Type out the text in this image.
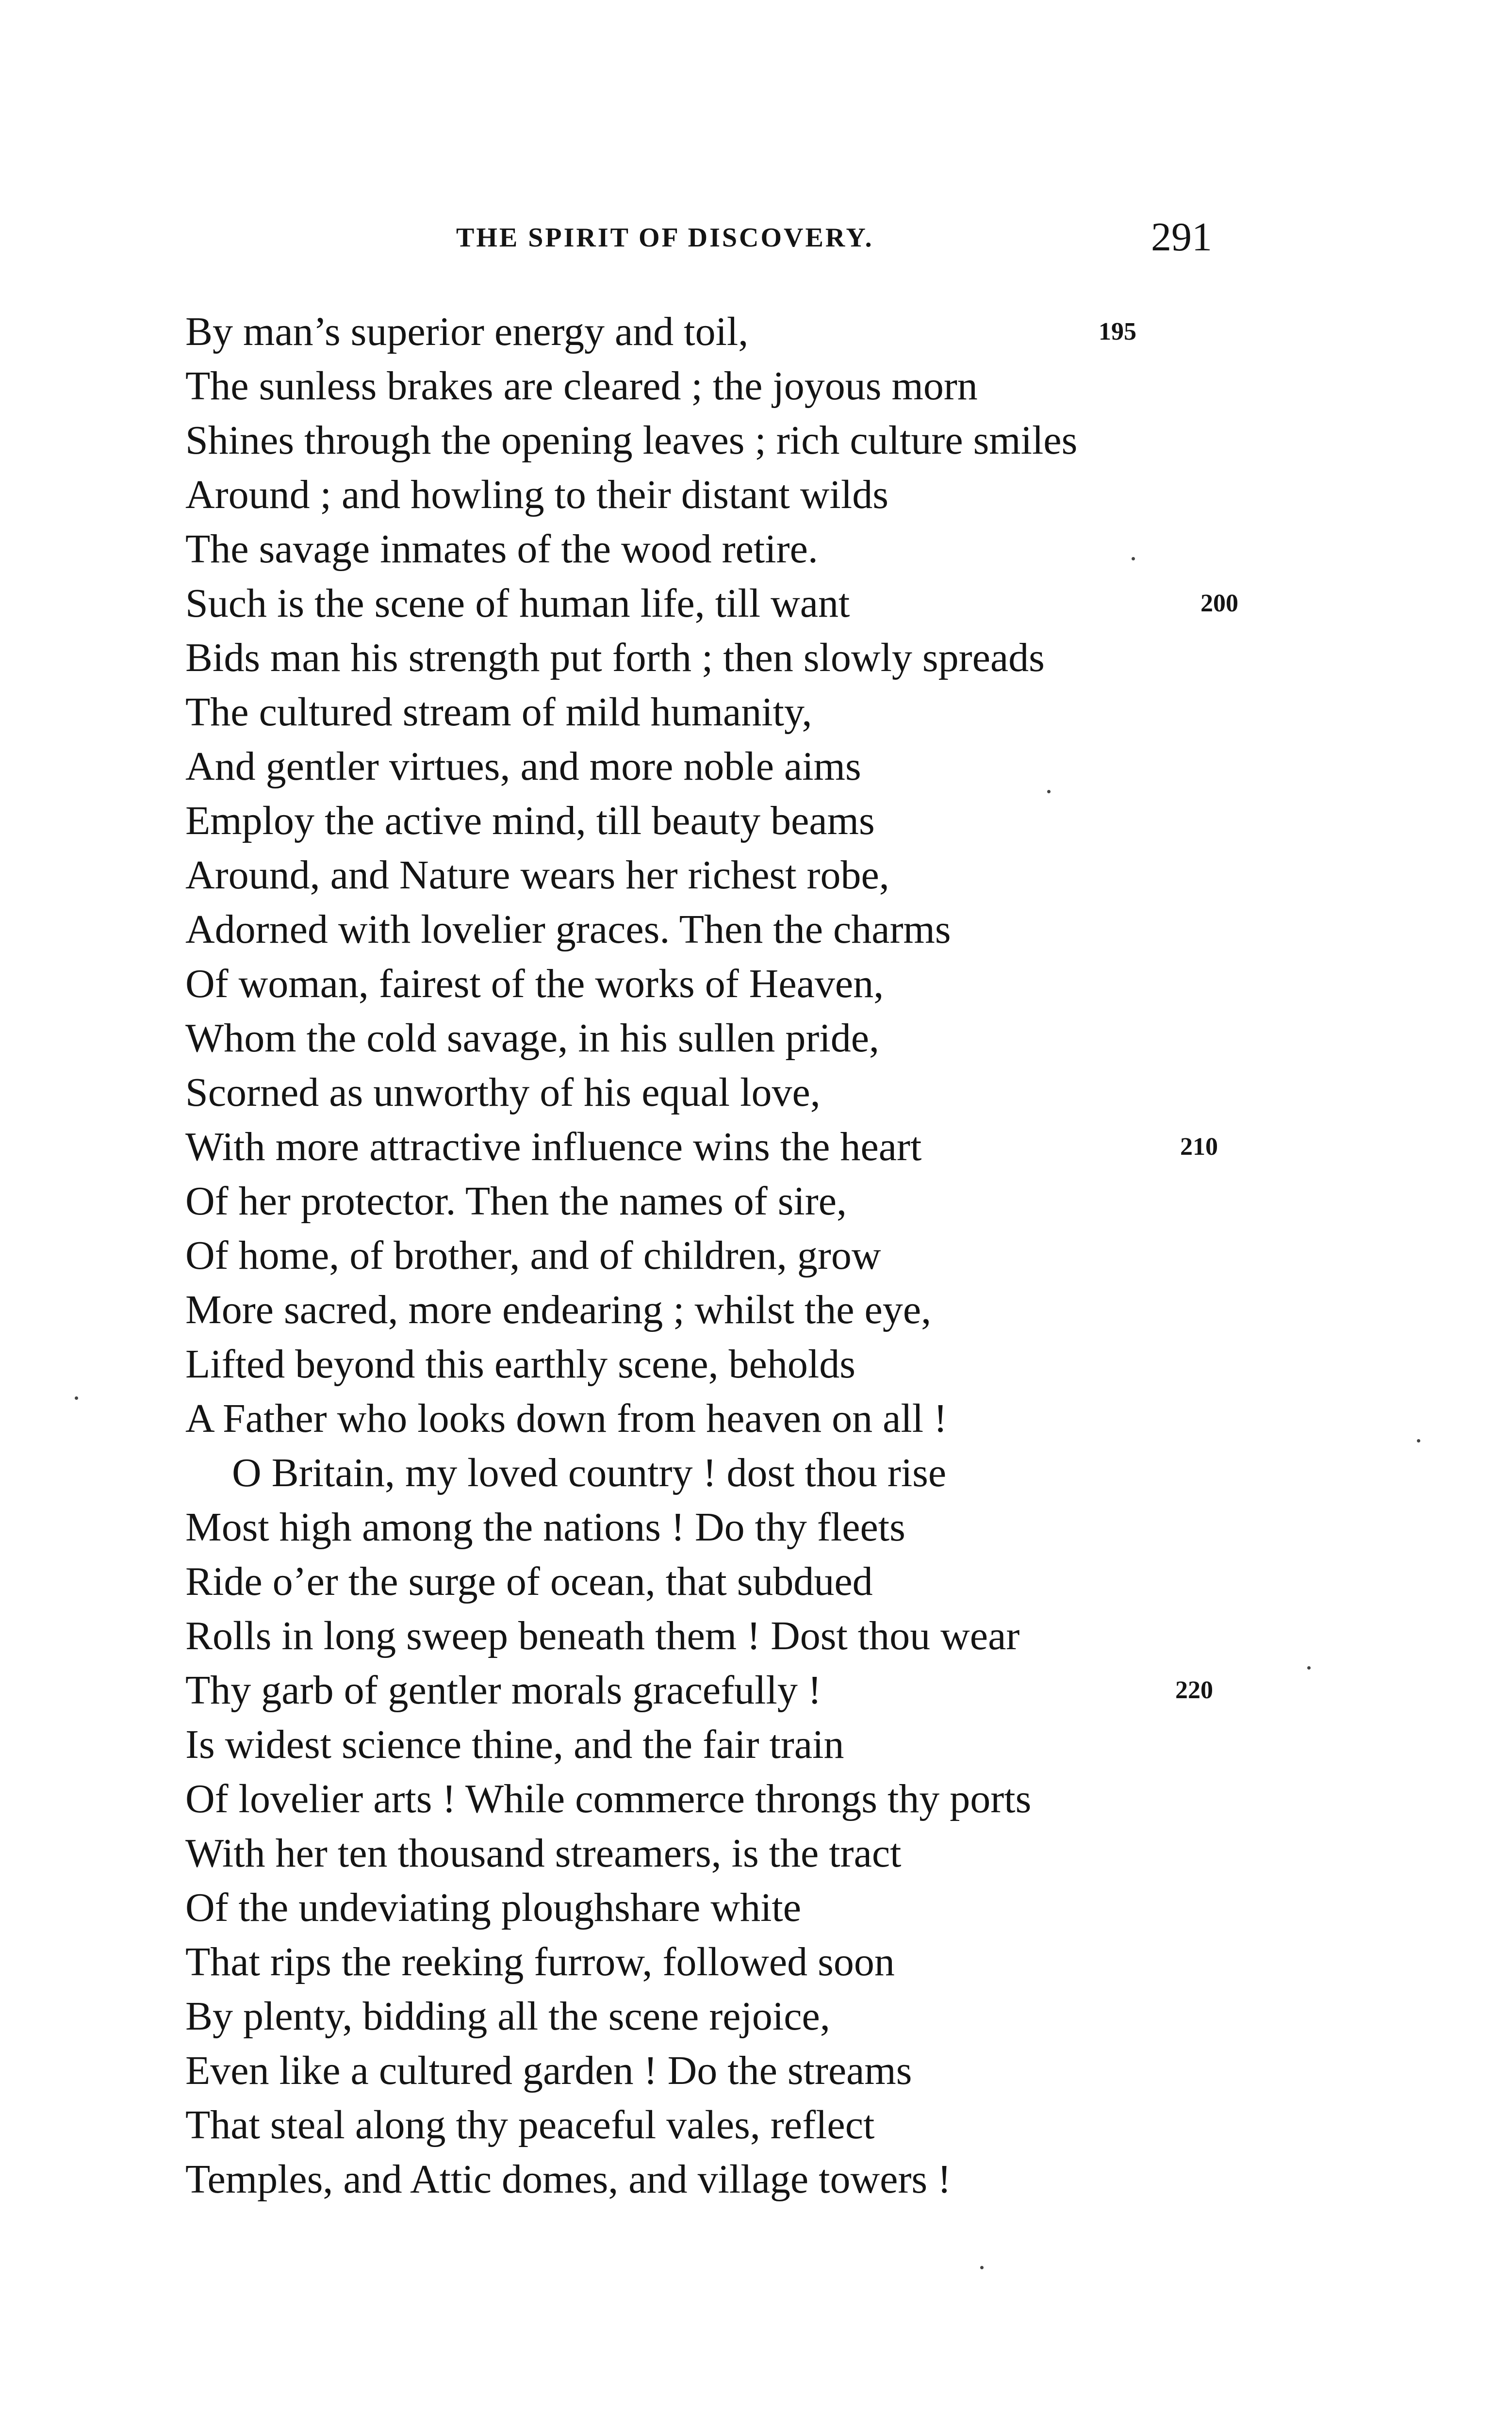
THE SPIRIT OF DISCOVERY.	291
By man’s superior energy and toil,	195
The sunless brakes are cleared ; the joyous morn
Shines through the opening leaves ; rich culture smiles
Around ; and howling to their distant wilds
The savage inmates of the wood retire.
Such is the scene of human life, till want	200
Bids man his strength put forth ; then slowly spreads
The cultured stream of mild humanity,
And gentler virtues, and more noble aims
Employ the active mind, till beauty beams
Around, and Nature wears her richest robe,
Adorned with lovelier graces. Then the charms
Of woman, fairest of the works of Heaven,
Whom the cold savage, in his sullen pride,
Scorned as unworthy of his equal love,
With more attractive influence wins the heart	210
Of her protector. Then the names of sire,
Of home, of brother, and of children, grow
More sacred, more endearing ; whilst the eye,
Lifted beyond this earthly scene, beholds
A Father who looks down from heaven on all !
O Britain, my loved country ! dost thou rise
Most high among the nations ! Do thy fleets
Ride o’er the surge of ocean, that subdued
Rolls in long sweep beneath them ! Dost thou wear
Thy garb of gentler morals gracefully !	220
Is widest science thine, and the fair train
Of lovelier arts ! While commerce throngs thy ports
With her ten thousand streamers, is the tract
Of the undeviating ploughshare white
That rips the reeking furrow, followed soon
By plenty, bidding all the scene rejoice,
Even like a cultured garden ! Do the streams
That steal along thy peaceful vales, reflect
Temples, and Attic domes, and village towers !
